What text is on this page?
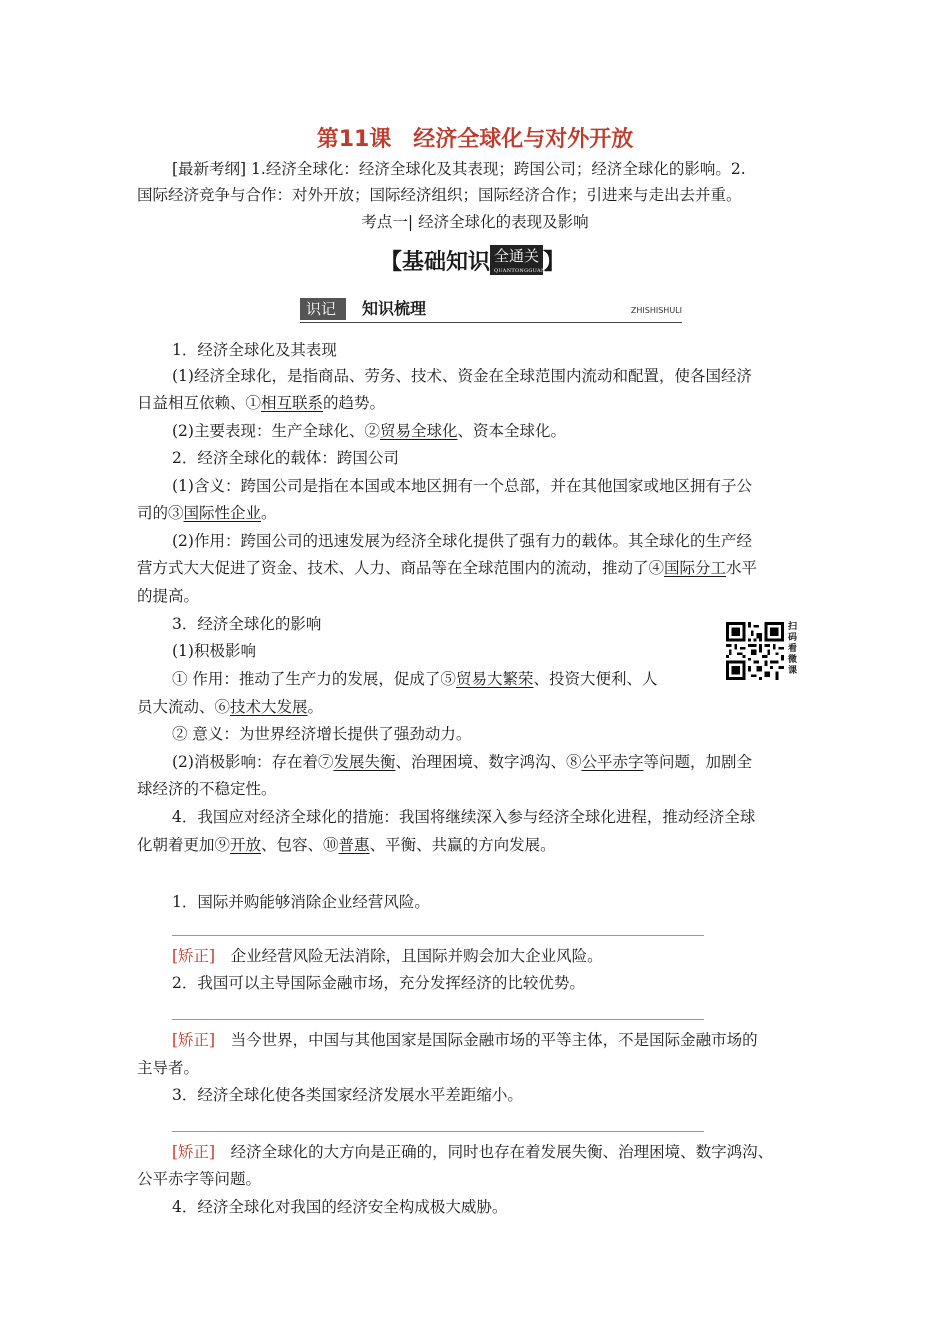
第11课　经济全球化与对外开放
[最新考纲] 1.经济全球化：经济全球化及其表现；跨国公司；经济全球化的影响。2.
国际经济竞争与合作：对外开放；国际经济组织；国际经济合作；引进来与走出去并重。
考点一| 经济全球化的表现及影响
【基础知识 全通关
QUANTONGGUAN
】
识记	知识梳理	ZHISHISHULI
1．经济全球化及其表现
(1)经济全球化，是指商品、劳务、技术、资金在全球范围内流动和配置，使各国经济
日益相互依赖、①相互联系的趋势。
(2)主要表现：生产全球化、②贸易全球化、资本全球化。
2．经济全球化的载体：跨国公司
(1)含义：跨国公司是指在本国或本地区拥有一个总部，并在其他国家或地区拥有子公
司的③国际性企业。
(2)作用：跨国公司的迅速发展为经济全球化提供了强有力的载体。其全球化的生产经
营方式大大促进了资金、技术、人力、商品等在全球范围内的流动，推动了④国际分工水平
的提高。
3．经济全球化的影响
(1)积极影响
① 作用：推动了生产力的发展，促成了⑤贸易大繁荣、投资大便利、人
员大流动、⑥技术大发展。
② 意义：为世界经济增长提供了强劲动力。
(2)消极影响：存在着⑦发展失衡、治理困境、数字鸿沟、⑧公平赤字等问题，加剧全
球经济的不稳定性。
4．我国应对经济全球化的措施：我国将继续深入参与经济全球化进程，推动经济全球
化朝着更加⑨开放、包容、⑩普惠、平衡、共赢的方向发展。
扫
码
看
微
课
1．国际并购能够消除企业经营风险。
[矫正]　 企业经营风险无法消除，且国际并购会加大企业风险。
2．我国可以主导国际金融市场，充分发挥经济的比较优势。
[矫正]　 当今世界，中国与其他国家是国际金融市场的平等主体，不是国际金融市场的
主导者。
3．经济全球化使各类国家经济发展水平差距缩小。
[矫正]　 经济全球化的大方向是正确的，同时也存在着发展失衡、治理困境、数字鸿沟、
公平赤字等问题。
4．经济全球化对我国的经济安全构成极大威胁。
